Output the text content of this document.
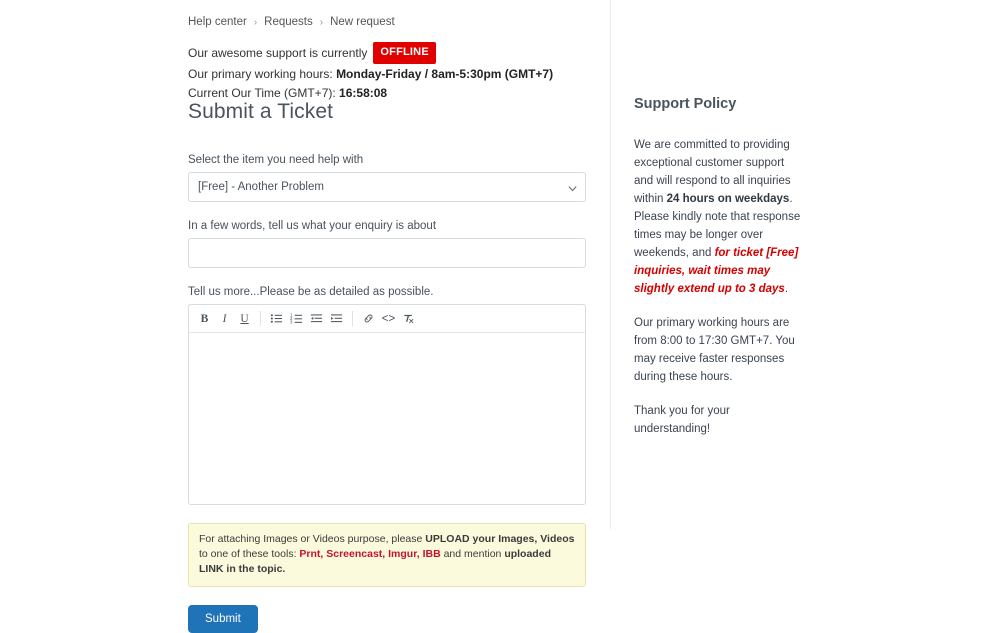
Help center › Requests › New request
Our awesome support is currently	OFFLINE
Our primary working hours: Monday-Friday / 8am-5:30pm (GMT+7)
Current Our Time (GMT+7): 16:58:08
Submit a Ticket
Select the item you need help with
[Free] - Another Problem
In a few words, tell us what your enquiry is about
Tell us more...Please be as detailed as possible.
B	I	U	1
2
3	<>
For attaching Images or Videos purpose, please UPLOAD your Images, Videos to one of these tools: Prnt, Screencast, Imgur, IBB and mention uploaded LINK in the topic.
Submit
Support Policy

We are committed to providing exceptional customer support and will respond to all inquiries within 24 hours on weekdays. Please kindly note that response times may be longer over weekends, and for ticket [Free] inquiries, wait times may slightly extend up to 3 days.

Our primary working hours are from 8:00 to 17:30 GMT+7. You may receive faster responses during these hours.

Thank you for your understanding!
